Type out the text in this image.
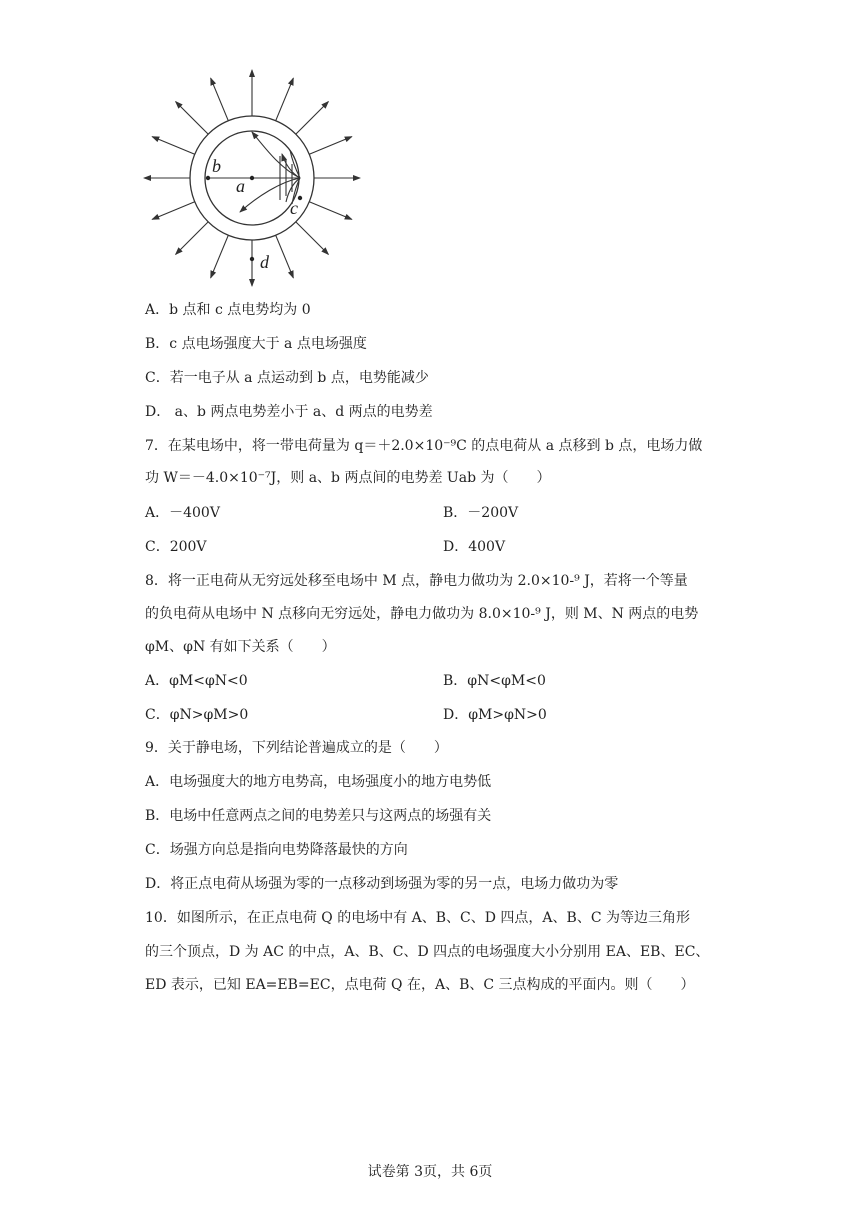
b
a
c
d
A．b 点和 c 点电势均为 0
B．c 点电场强度大于 a 点电场强度
C．若一电子从 a 点运动到 b 点，电势能减少
D． a、b 两点电势差小于 a、d 两点的电势差
7．在某电场中，将一带电荷量为 q＝＋2.0×10⁻⁹C 的点电荷从 a 点移到 b 点，电场力做
功 W＝－4.0×10⁻⁷J，则 a、b 两点间的电势差 Uab 为（　　）
A．－400V	B．－200V
C．200V	D．400V
8．将一正电荷从无穷远处移至电场中 M 点，静电力做功为 2.0×10-⁹ J，若将一个等量
的负电荷从电场中 N 点移向无穷远处，静电力做功为 8.0×10-⁹ J，则 M、N 两点的电势
φM、φN 有如下关系（　　）
A．φM<φN<0	B．φN<φM<0
C．φN>φM>0	D．φM>φN>0
9．关于静电场，下列结论普遍成立的是（　　）
A．电场强度大的地方电势高，电场强度小的地方电势低
B．电场中任意两点之间的电势差只与这两点的场强有关
C．场强方向总是指向电势降落最快的方向
D．将正点电荷从场强为零的一点移动到场强为零的另一点，电场力做功为零
10．如图所示，在正点电荷 Q 的电场中有 A、B、C、D 四点，A、B、C 为等边三角形
的三个顶点，D 为 AC 的中点，A、B、C、D 四点的电场强度大小分别用 EA、EB、EC、
ED 表示，已知 EA=EB=EC，点电荷 Q 在，A、B、C 三点构成的平面内。则（　　）
试卷第 3页，共 6页
